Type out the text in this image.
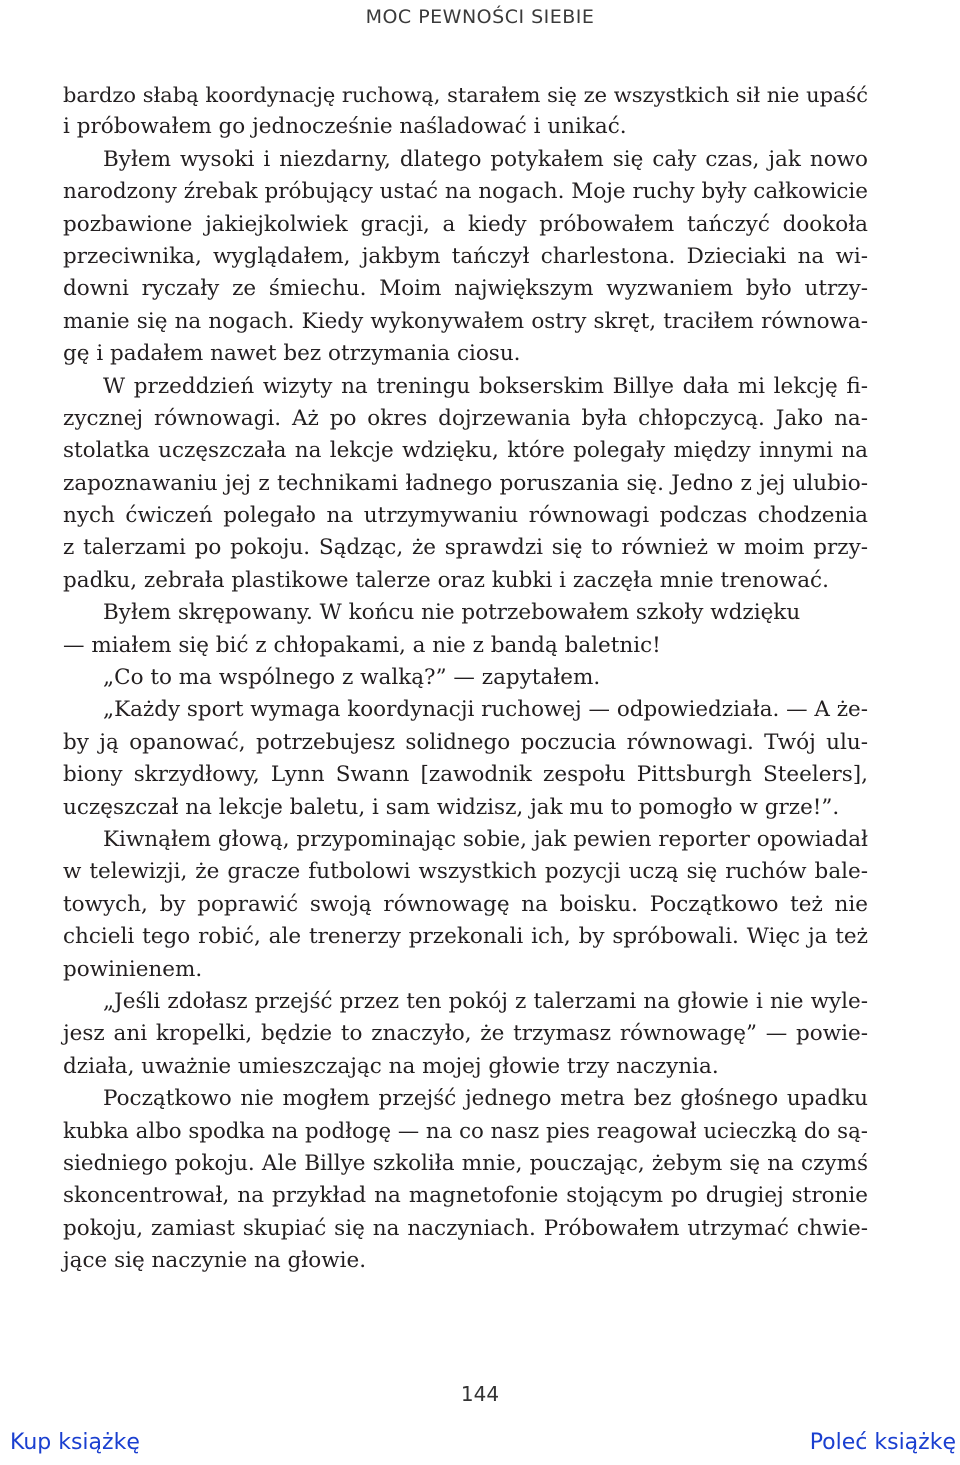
MOC PEWNOŚCI SIEBIE
bardzo słabą koordynację ruchową, starałem się ze wszystkich sił nie upaść
i próbowałem go jednocześnie naśladować i unikać.
Byłem wysoki i niezdarny, dlatego potykałem się cały czas, jak nowo
narodzony źrebak próbujący ustać na nogach. Moje ruchy były całkowicie
pozbawione jakiejkolwiek gracji, a kiedy próbowałem tańczyć dookoła
przeciwnika, wyglądałem, jakbym tańczył charlestona. Dzieciaki na wi-
downi ryczały ze śmiechu. Moim największym wyzwaniem było utrzy-
manie się na nogach. Kiedy wykonywałem ostry skręt, traciłem równowa-
gę i padałem nawet bez otrzymania ciosu.
W przeddzień wizyty na treningu bokserskim Billye dała mi lekcję fi-
zycznej równowagi. Aż po okres dojrzewania była chłopczycą. Jako na-
stolatka uczęszczała na lekcje wdzięku, które polegały między innymi na
zapoznawaniu jej z technikami ładnego poruszania się. Jedno z jej ulubio-
nych ćwiczeń polegało na utrzymywaniu równowagi podczas chodzenia
z talerzami po pokoju. Sądząc, że sprawdzi się to również w moim przy-
padku, zebrała plastikowe talerze oraz kubki i zaczęła mnie trenować.
Byłem skrępowany. W końcu nie potrzebowałem szkoły wdzięku
— miałem się bić z chłopakami, a nie z bandą baletnic!
„Co to ma wspólnego z walką?” — zapytałem.
„Każdy sport wymaga koordynacji ruchowej — odpowiedziała. — A że-
by ją opanować, potrzebujesz solidnego poczucia równowagi. Twój ulu-
biony skrzydłowy, Lynn Swann [zawodnik zespołu Pittsburgh Steelers],
uczęszczał na lekcje baletu, i sam widzisz, jak mu to pomogło w grze!”.
Kiwnąłem głową, przypominając sobie, jak pewien reporter opowiadał
w telewizji, że gracze futbolowi wszystkich pozycji uczą się ruchów bale-
towych, by poprawić swoją równowagę na boisku. Początkowo też nie
chcieli tego robić, ale trenerzy przekonali ich, by spróbowali. Więc ja też
powinienem.
„Jeśli zdołasz przejść przez ten pokój z talerzami na głowie i nie wyle-
jesz ani kropelki, będzie to znaczyło, że trzymasz równowagę” — powie-
działa, uważnie umieszczając na mojej głowie trzy naczynia.
Początkowo nie mogłem przejść jednego metra bez głośnego upadku
kubka albo spodka na podłogę — na co nasz pies reagował ucieczką do są-
siedniego pokoju. Ale Billye szkoliła mnie, pouczając, żebym się na czymś
skoncentrował, na przykład na magnetofonie stojącym po drugiej stronie
pokoju, zamiast skupiać się na naczyniach. Próbowałem utrzymać chwie-
jące się naczynie na głowie.
144
Kup książkę	Poleć książkę
